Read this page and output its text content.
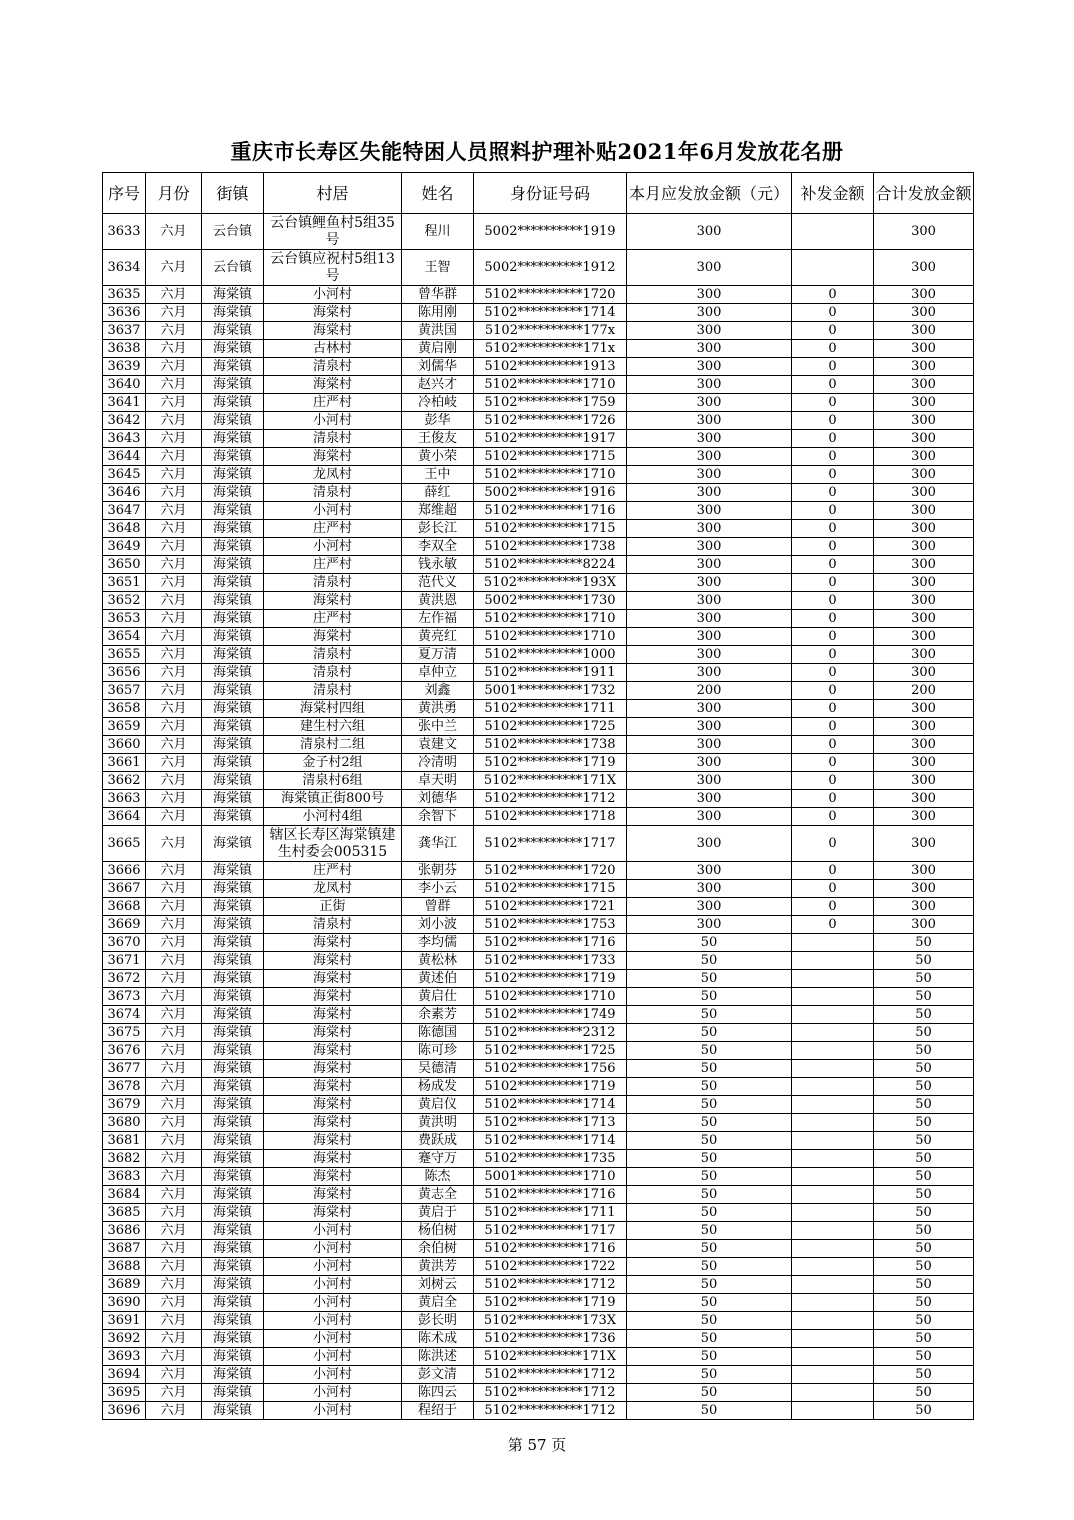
重庆市长寿区失能特困人员照料护理补贴2021年6月发放花名册
序号	月份	街镇	村居	姓名	身份证号码	本月应发放金额（元）	补发金额	合计发放金额
3633	六月	云台镇	云台镇鲤鱼村5组35号	程川	5002**********1919	300		300
3634	六月	云台镇	云台镇应祝村5组13号	王智	5002**********1912	300		300
3635	六月	海棠镇	小河村	曾华群	5102**********1720	300	0	300
3636	六月	海棠镇	海棠村	陈用刚	5102**********1714	300	0	300
3637	六月	海棠镇	海棠村	黄洪国	5102**********177x	300	0	300
3638	六月	海棠镇	古林村	黄启刚	5102**********171x	300	0	300
3639	六月	海棠镇	清泉村	刘儒华	5102**********1913	300	0	300
3640	六月	海棠镇	海棠村	赵兴才	5102**********1710	300	0	300
3641	六月	海棠镇	庄严村	冷柏岐	5102**********1759	300	0	300
3642	六月	海棠镇	小河村	彭华	5102**********1726	300	0	300
3643	六月	海棠镇	清泉村	王俊友	5102**********1917	300	0	300
3644	六月	海棠镇	海棠村	黄小荣	5102**********1715	300	0	300
3645	六月	海棠镇	龙凤村	王中	5102**********1710	300	0	300
3646	六月	海棠镇	清泉村	薛红	5002**********1916	300	0	300
3647	六月	海棠镇	小河村	郑维超	5102**********1716	300	0	300
3648	六月	海棠镇	庄严村	彭长江	5102**********1715	300	0	300
3649	六月	海棠镇	小河村	李双全	5102**********1738	300	0	300
3650	六月	海棠镇	庄严村	钱永敏	5102**********8224	300	0	300
3651	六月	海棠镇	清泉村	范代义	5102**********193X	300	0	300
3652	六月	海棠镇	海棠村	黄洪恩	5002**********1730	300	0	300
3653	六月	海棠镇	庄严村	左作福	5102**********1710	300	0	300
3654	六月	海棠镇	海棠村	黄亮红	5102**********1710	300	0	300
3655	六月	海棠镇	清泉村	夏万清	5102**********1000	300	0	300
3656	六月	海棠镇	清泉村	卓仲立	5102**********1911	300	0	300
3657	六月	海棠镇	清泉村	刘鑫	5001**********1732	200	0	200
3658	六月	海棠镇	海棠村四组	黄洪勇	5102**********1711	300	0	300
3659	六月	海棠镇	建生村六组	张中兰	5102**********1725	300	0	300
3660	六月	海棠镇	清泉村二组	袁建文	5102**********1738	300	0	300
3661	六月	海棠镇	金子村2组	冷清明	5102**********1719	300	0	300
3662	六月	海棠镇	清泉村6组	卓天明	5102**********171X	300	0	300
3663	六月	海棠镇	海棠镇正街800号	刘德华	5102**********1712	300	0	300
3664	六月	海棠镇	小河村4组	余智下	5102**********1718	300	0	300
3665	六月	海棠镇	辖区长寿区海棠镇建生村委会005315	龚华江	5102**********1717	300	0	300
3666	六月	海棠镇	庄严村	张朝芬	5102**********1720	300	0	300
3667	六月	海棠镇	龙凤村	李小云	5102**********1715	300	0	300
3668	六月	海棠镇	正街	曾群	5102**********1721	300	0	300
3669	六月	海棠镇	清泉村	刘小波	5102**********1753	300	0	300
3670	六月	海棠镇	海棠村	李均儒	5102**********1716	50		50
3671	六月	海棠镇	海棠村	黄松林	5102**********1733	50		50
3672	六月	海棠镇	海棠村	黄述伯	5102**********1719	50		50
3673	六月	海棠镇	海棠村	黄启仕	5102**********1710	50		50
3674	六月	海棠镇	海棠村	余素芳	5102**********1749	50		50
3675	六月	海棠镇	海棠村	陈德国	5102**********2312	50		50
3676	六月	海棠镇	海棠村	陈可珍	5102**********1725	50		50
3677	六月	海棠镇	海棠村	吴德清	5102**********1756	50		50
3678	六月	海棠镇	海棠村	杨成发	5102**********1719	50		50
3679	六月	海棠镇	海棠村	黄启仪	5102**********1714	50		50
3680	六月	海棠镇	海棠村	黄洪明	5102**********1713	50		50
3681	六月	海棠镇	海棠村	费跃成	5102**********1714	50		50
3682	六月	海棠镇	海棠村	蹇守万	5102**********1735	50		50
3683	六月	海棠镇	海棠村	陈杰	5001**********1710	50		50
3684	六月	海棠镇	海棠村	黄志全	5102**********1716	50		50
3685	六月	海棠镇	海棠村	黄启于	5102**********1711	50		50
3686	六月	海棠镇	小河村	杨伯树	5102**********1717	50		50
3687	六月	海棠镇	小河村	余伯树	5102**********1716	50		50
3688	六月	海棠镇	小河村	黄洪芳	5102**********1722	50		50
3689	六月	海棠镇	小河村	刘树云	5102**********1712	50		50
3690	六月	海棠镇	小河村	黄启全	5102**********1719	50		50
3691	六月	海棠镇	小河村	彭长明	5102**********173X	50		50
3692	六月	海棠镇	小河村	陈术成	5102**********1736	50		50
3693	六月	海棠镇	小河村	陈洪述	5102**********171X	50		50
3694	六月	海棠镇	小河村	彭文清	5102**********1712	50		50
3695	六月	海棠镇	小河村	陈四云	5102**********1712	50		50
3696	六月	海棠镇	小河村	程绍于	5102**********1712	50		50
第 57 页
